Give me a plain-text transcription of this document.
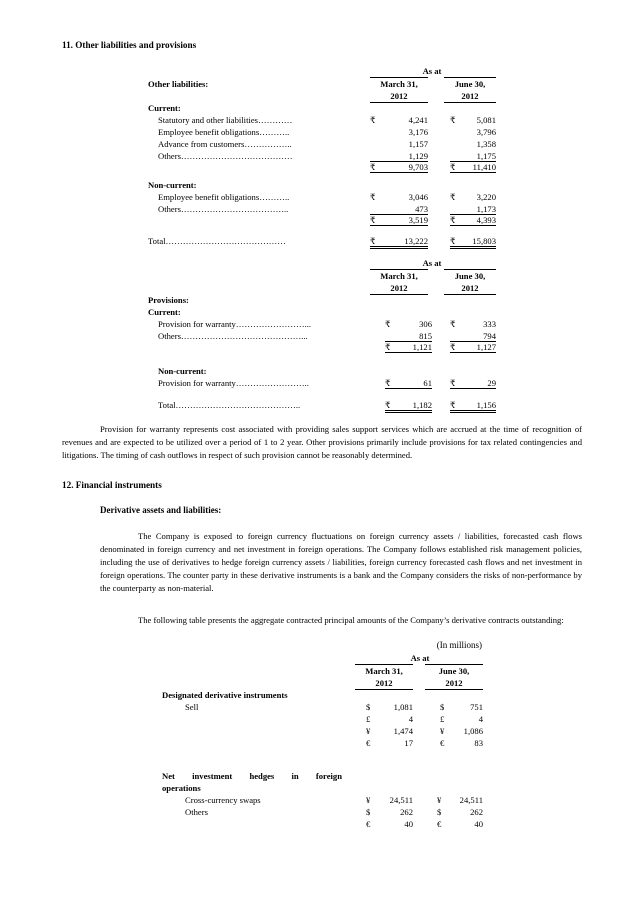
11. Other liabilities and provisions
As at
March 31,	June 30,
2012	2012
Other liabilities:
Current:
Statutory and other liabilities…………	₹	4,241	₹	5,081
Employee benefit obligations………..	3,176	3,796
Advance from customers……………..	1,157	1,358
Others…………………………………	1,129	1,175
₹	9,703	₹	11,410
Non-current:
Employee benefit obligations………..	₹	3,046	₹	3,220
Others………………………………..	473	1,173
₹	3,519	₹	4,393
Total……………………………………	₹	13,222	₹	15,803
As at
March 31,	June 30,
2012	2012
Provisions:
Current:
Provision for warranty……………………...	₹	306 ₹	333
Others……………………………………...	815	794
₹	1,121 ₹	1,127
Non-current:
Provision for warranty……………………..	₹	61 ₹	29
Total……………………………………..	₹	1,182 ₹	1,156
Provision for warranty represents cost associated with providing sales support services which are accrued at the time of recognition of revenues and are expected to be utilized over a period of 1 to 2 year. Other provisions primarily include provisions for tax related contingencies and litigations. The timing of cash outflows in respect of such provision cannot be reasonably determined.
12. Financial instruments
Derivative assets and liabilities:
The Company is exposed to foreign currency fluctuations on foreign currency assets / liabilities, forecasted cash flows denominated in foreign currency and net investment in foreign operations. The Company follows established risk management policies, including the use of derivatives to hedge foreign currency assets / liabilities, foreign currency forecasted cash flows and net investment in foreign operations. The counter party in these derivative instruments is a bank and the Company considers the risks of non-performance by the counterparty as non-material.
The following table presents the aggregate contracted principal amounts of the Company’s derivative contracts outstanding:
(In millions)
As at
March 31,	June 30,
2012	2012
Designated derivative instruments
Sell	$	1,081	$	751
£	4	£	4
¥	1,474	¥	1,086
€	17	€	83
Net investment hedges in foreign operations
Cross-currency swaps	¥	24,511	¥	24,511
Others	$	262	$	262
€	40	€	40
